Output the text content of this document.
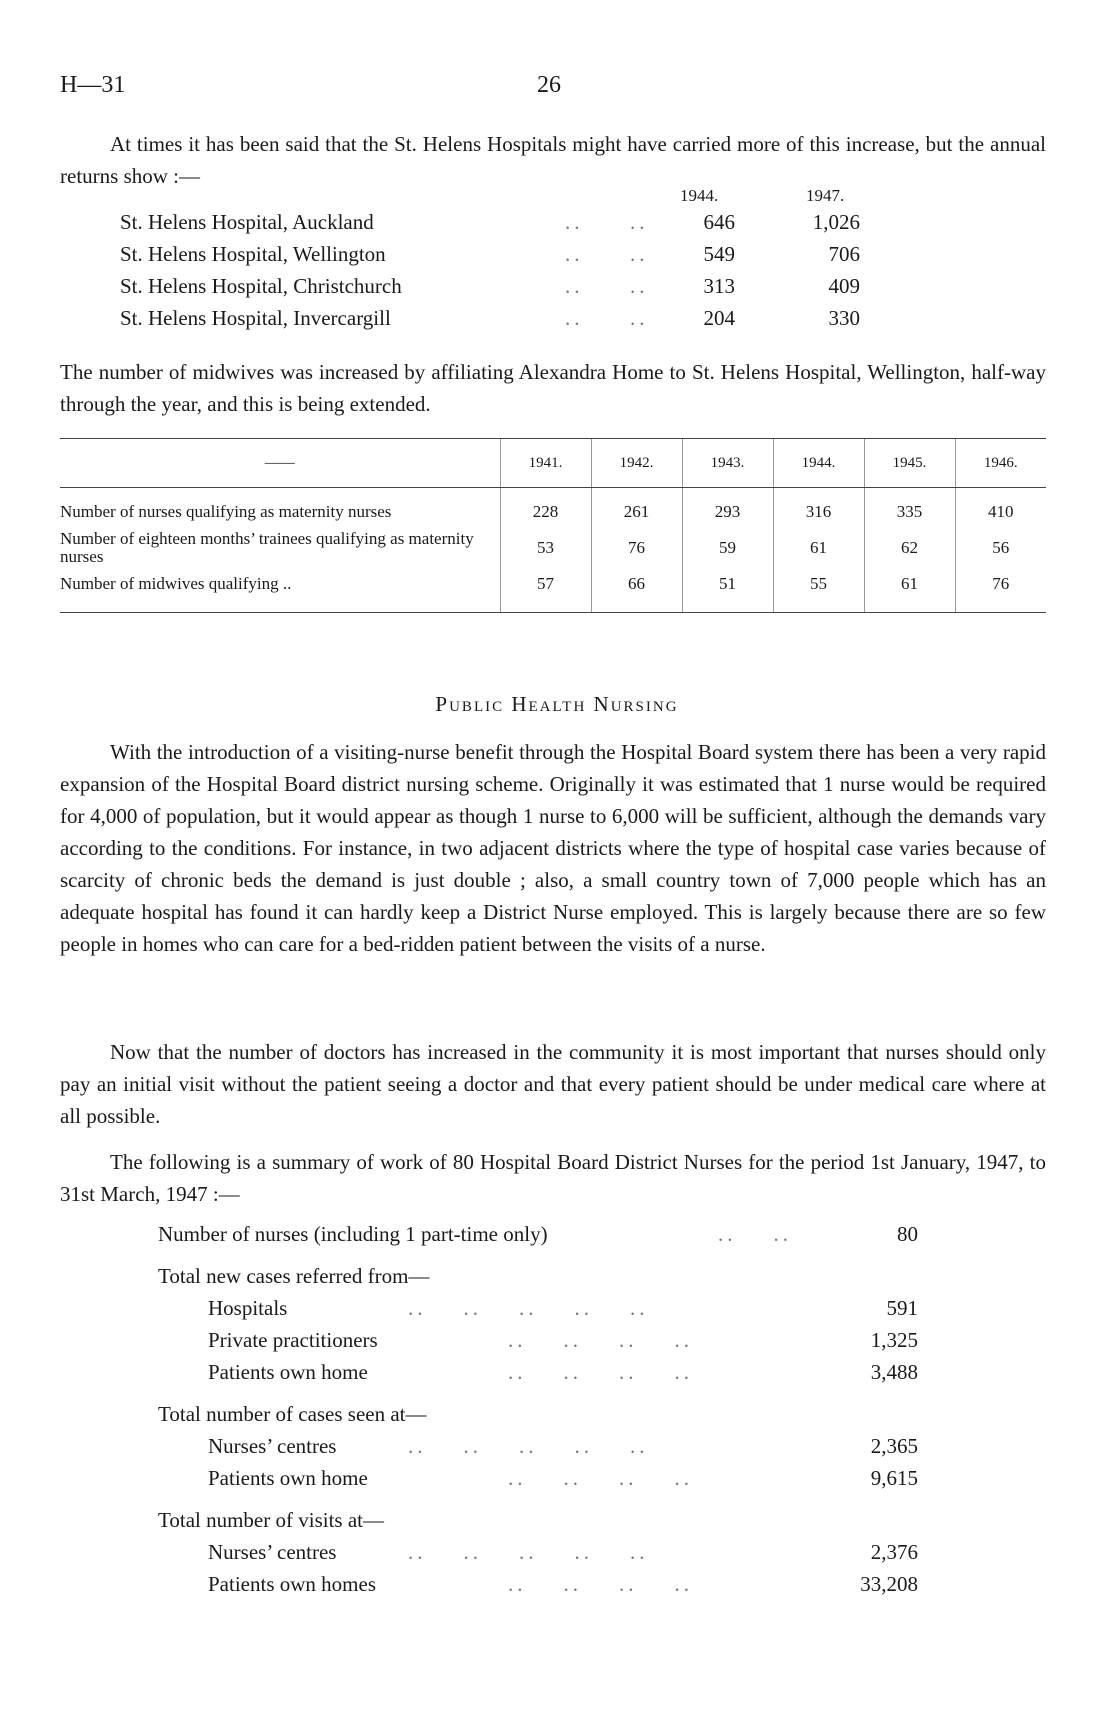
H—31	26
At times it has been said that the St. Helens Hospitals might have carried more of this increase, but the annual returns show :—
1944.	1947.
St. Helens Hospital, Auckland	.. ..	646	1,026
St. Helens Hospital, Wellington	.. ..	549	706
St. Helens Hospital, Christchurch	.. ..	313	409
St. Helens Hospital, Invercargill	.. ..	204	330
The number of midwives was increased by affiliating Alexandra Home to St. Helens Hospital, Wellington, half-way through the year, and this is being extended.
——	1941.	1942.	1943.	1944.	1945.	1946.
Number of nurses qualifying as maternity nurses	228	261	293	316	335	410
Number of eighteen months’ trainees qualifying as maternity nurses	53	76	59	61	62	56
Number of midwives qualifying ..	57	66	51	55	61	76
Public Health Nursing
With the introduction of a visiting-nurse benefit through the Hospital Board system there has been a very rapid expansion of the Hospital Board district nursing scheme. Originally it was estimated that 1 nurse would be required for 4,000 of population, but it would appear as though 1 nurse to 6,000 will be sufficient, although the demands vary according to the conditions. For instance, in two adjacent districts where the type of hospital case varies because of scarcity of chronic beds the demand is just double ; also, a small country town of 7,000 people which has an adequate hospital has found it can hardly keep a District Nurse employed. This is largely because there are so few people in homes who can care for a bed-ridden patient between the visits of a nurse.
Now that the number of doctors has increased in the community it is most important that nurses should only pay an initial visit without the patient seeing a doctor and that every patient should be under medical care where at all possible.
The following is a summary of work of 80 Hospital Board District Nurses for the period 1st January, 1947, to 31st March, 1947 :—
Number of nurses (including 1 part-time only)	..    ..	80
Total new cases referred from—
Hospitals	..    ..    ..    ..    ..	591
Private practitioners	..    ..    ..    ..	1,325
Patients own home	..    ..    ..    ..	3,488
Total number of cases seen at—
Nurses’ centres	..    ..    ..    ..    ..	2,365
Patients own home	..    ..    ..    ..	9,615
Total number of visits at—
Nurses’ centres	..    ..    ..    ..    ..	2,376
Patients own homes	..    ..    ..    ..	33,208
